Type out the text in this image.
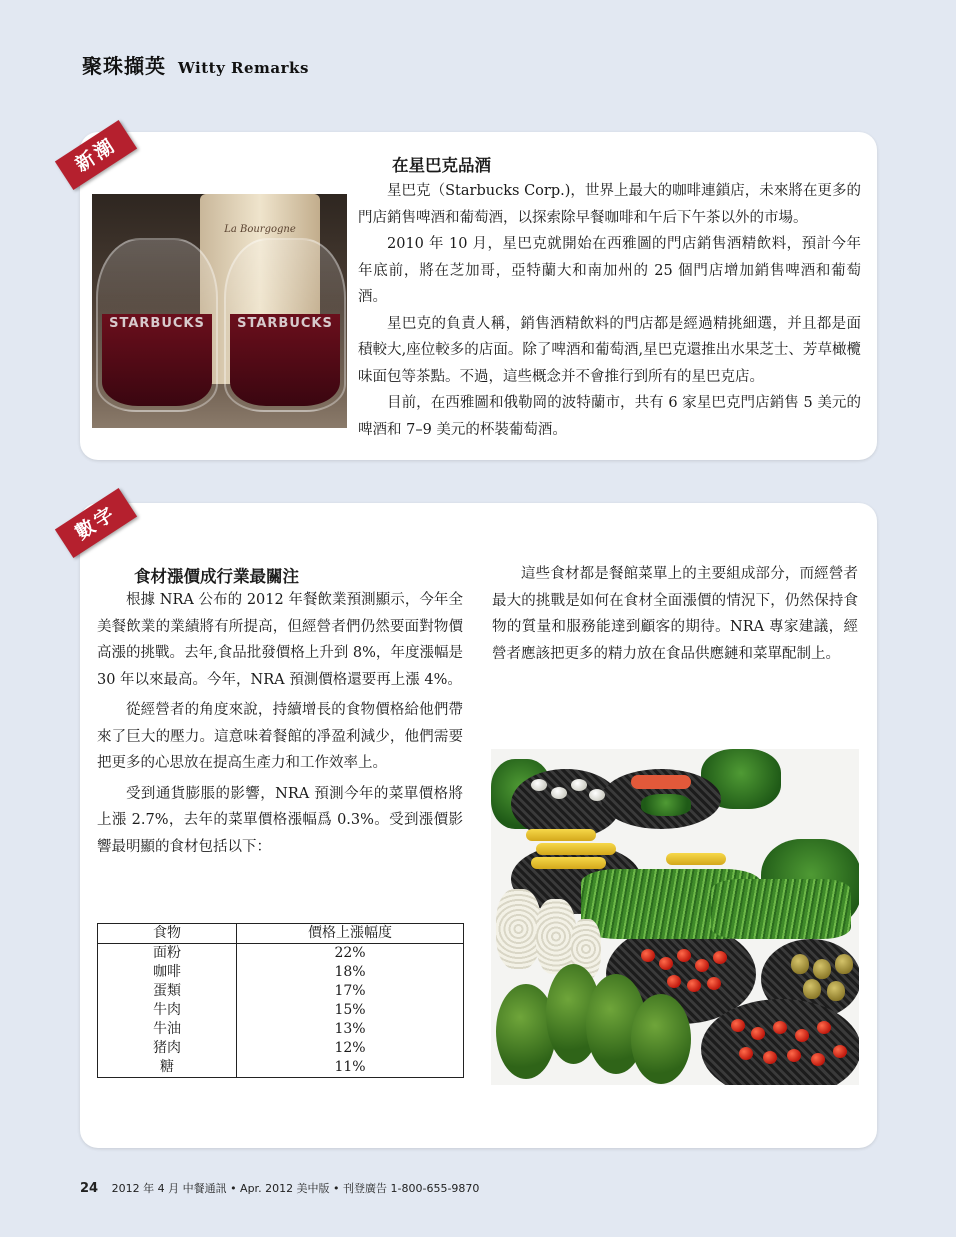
聚珠擷英 Witty Remarks
新潮
La Bourgogne
STARBUCKS	STARBUCKS
在星巴克品酒

星巴克（Starbucks Corp.)，世界上最大的咖啡連鎖店，未來將在更多的門店銷售啤酒和葡萄酒，以探索除早餐咖啡和午后下午茶以外的市場。

2010 年 10 月，星巴克就開始在西雅圖的門店銷售酒精飲料，預計今年年底前，將在芝加哥，亞特蘭大和南加州的 25 個門店增加銷售啤酒和葡萄酒。

星巴克的負責人稱，銷售酒精飲料的門店都是經過精挑細選，并且都是面積較大,座位較多的店面。除了啤酒和葡萄酒,星巴克還推出水果芝士、芳草橄欖味面包等茶點。不過，這些概念并不會推行到所有的星巴克店。

目前，在西雅圖和俄勒岡的波特蘭市，共有 6 家星巴克門店銷售 5 美元的啤酒和 7–9 美元的杯裝葡萄酒。

數字
食材漲價成行業最關注

根據 NRA 公布的 2012 年餐飲業預測顯示，今年全美餐飲業的業績將有所提高，但經營者們仍然要面對物價高漲的挑戰。去年,食品批發價格上升到 8%，年度漲幅是 30 年以來最高。今年，NRA 預測價格還要再上漲 4%。

從經營者的角度來說，持續增長的食物價格給他們帶來了巨大的壓力。這意味着餐館的凈盈利減少，他們需要把更多的心思放在提高生產力和工作效率上。

受到通貨膨脹的影響，NRA 預測今年的菜單價格將上漲 2.7%，去年的菜單價格漲幅爲 0.3%。受到漲價影響最明顯的食材包括以下：

這些食材都是餐館菜單上的主要組成部分，而經營者最大的挑戰是如何在食材全面漲價的情況下，仍然保持食物的質量和服務能達到顧客的期待。NRA 專家建議，經營者應該把更多的精力放在食品供應鏈和菜單配制上。

食物	價格上漲幅度
面粉	22%
咖啡	18%
蛋類	17%
牛肉	15%
牛油	13%
猪肉	12%
糖	11%
24 2012 年 4 月 中餐通訊 • Apr. 2012 美中版 • 刊登廣告 1-800-655-9870
